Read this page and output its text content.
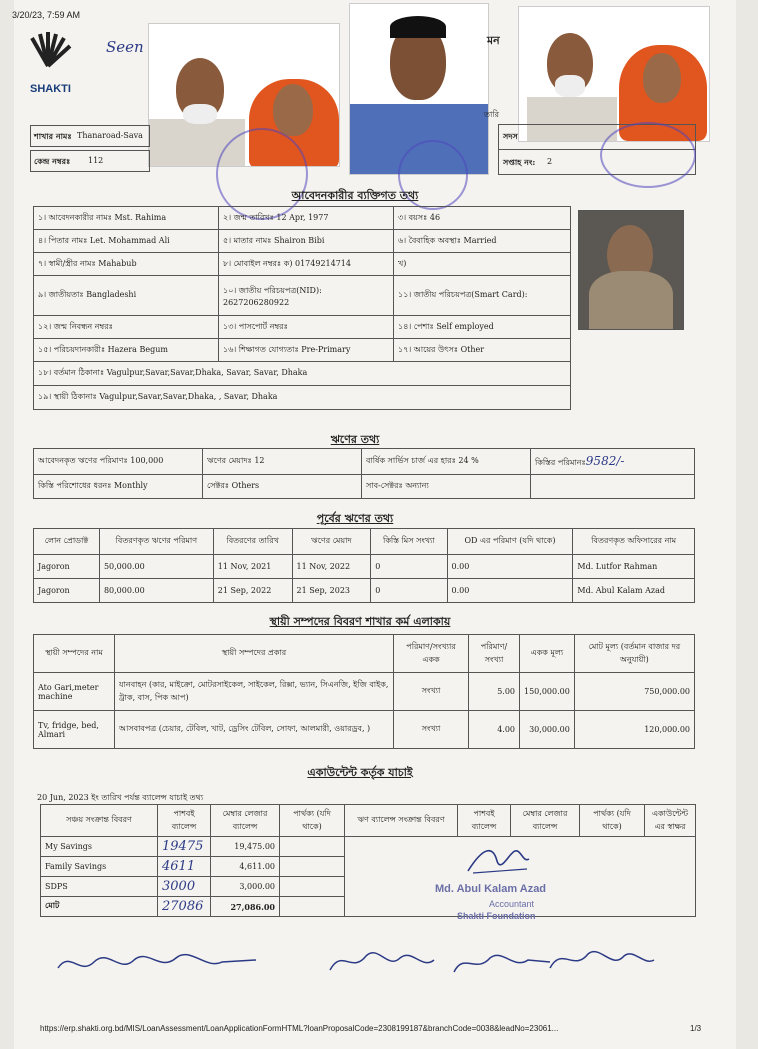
3/20/23, 7:59 AM
SHAKTI
Seen	মন
তারি
শাখার নামঃ Thanaroad-Sava
কেন্দ্র নম্বরঃ 112
সদস
সপ্তাহ নং: 2
আবেদনকারীর ব্যক্তিগত তথ্য
১। আবেদনকারীর নামঃ Mst. Rahima	২। জন্ম তারিখঃ 12 Apr, 1977	৩। বয়সঃ 46
৪। পিতার নামঃ Let. Mohammad Ali	৫। মাতার নামঃ Shairon Bibi	৬। বৈবাহিক অবস্থাঃ Married
৭। স্বামী/স্ত্রীর নামঃ Mahabub	৮। মোবাইল নম্বরঃ ক) 01749214714	খ)
৯। জাতীয়তাঃ Bangladeshi	১০। জাতীয় পরিচয়পত্র(NID): 2627206280922	১১। জাতীয় পরিচয়পত্র(Smart Card):
১২। জন্ম নিবন্ধন নম্বরঃ	১৩। পাসপোর্ট নম্বরঃ	১৪। পেশাঃ Self employed
১৫। পরিচয়দানকারীঃ Hazera Begum	১৬। শিক্ষাগত যোগ্যতাঃ Pre-Primary	১৭। আয়ের উৎসঃ Other
১৮। বর্তমান ঠিকানাঃ Vagulpur,Savar,Savar,Dhaka, Savar, Savar, Dhaka		
১৯। স্থায়ী ঠিকানাঃ Vagulpur,Savar,Savar,Dhaka, , Savar, Dhaka		
ঋণের তথ্য
আবেদনকৃত ঋণের পরিমাণঃ 100,000	ঋণের মেয়াদঃ 12	বার্ষিক সার্ভিস চার্জ এর হারঃ 24 %	কিস্তির পরিমানঃ9582/-
কিস্তি পরিশোধের ধরনঃ Monthly	সেক্টরঃ Others	সাব-সেক্টরঃ অন্যান্য	
পূর্বের ঋণের তথ্য
লোন প্রোডাক্ট	বিতরণকৃত ঋণের পরিমাণ	বিতরণের তারিখ	ঋণের মেয়াদ	কিস্তি মিস সংখ্যা	OD এর পরিমাণ (যদি থাকে)	বিতরণকৃত অফিসারের নাম
Jagoron	50,000.00	11 Nov, 2021	11 Nov, 2022	0	0.00	Md. Lutfor Rahman
Jagoron	80,000.00	21 Sep, 2022	21 Sep, 2023	0	0.00	Md. Abul Kalam Azad
স্থায়ী সম্পদের বিবরণ শাখার কর্ম এলাকায়
স্থায়ী সম্পদের নাম	স্থায়ী সম্পদের প্রকার	পরিমাণ/সংখ্যার একক	পরিমাণ/ সংখ্যা	একক মূল্য	মোট মূল্য (বর্তমান বাজার দর অনুযায়ী)
Ato Gari,meter machine	যানবাহন (কার, মাইক্রো, মোটরসাইকেল, সাইকেল, রিক্সা, ভ্যান, সিএনজি, ইজি বাইক, ট্রাক, বাস, পিক আপ)	সংখ্যা	5.00	150,000.00	750,000.00
Tv, fridge, bed, Almari	আসবাবপত্র (চেয়ার, টেবিল, খাট, ড্রেসিং টেবিল, সোফা, আলমারী, ওয়ারড্রব, )	সংখ্যা	4.00	30,000.00	120,000.00
একাউন্টেন্ট কর্তৃক যাচাই
20 Jun, 2023 ইং তারিখ পর্যন্ত ব্যালেন্স যাচাই তথ্য
সঞ্চয় সংক্রান্ত বিবরণ	পাশবই ব্যালেন্স	মেম্বার লেজার ব্যালেন্স	পার্থক্য (যদি থাকে)	ঋণ ব্যালেন্স সংক্রান্ত বিবরণ	পাশবই ব্যালেন্স	মেম্বার লেজার ব্যালেন্স	পার্থক্য (যদি থাকে)	একাউন্টেন্ট এর স্বাক্ষর
My Savings	19475	19,475.00		Md. Abul Kalam Azad
Accountant
Shakti Foundation				

Family Savings	4611	4,611.00						
SDPS	3000	3,000.00						
মোট	27086	27,086.00						
https://erp.shakti.org.bd/MIS/LoanAssessment/LoanApplicationFormHTML?loanProposalCode=2308199187&branchCode=0038&leadNo=23061...	1/3
